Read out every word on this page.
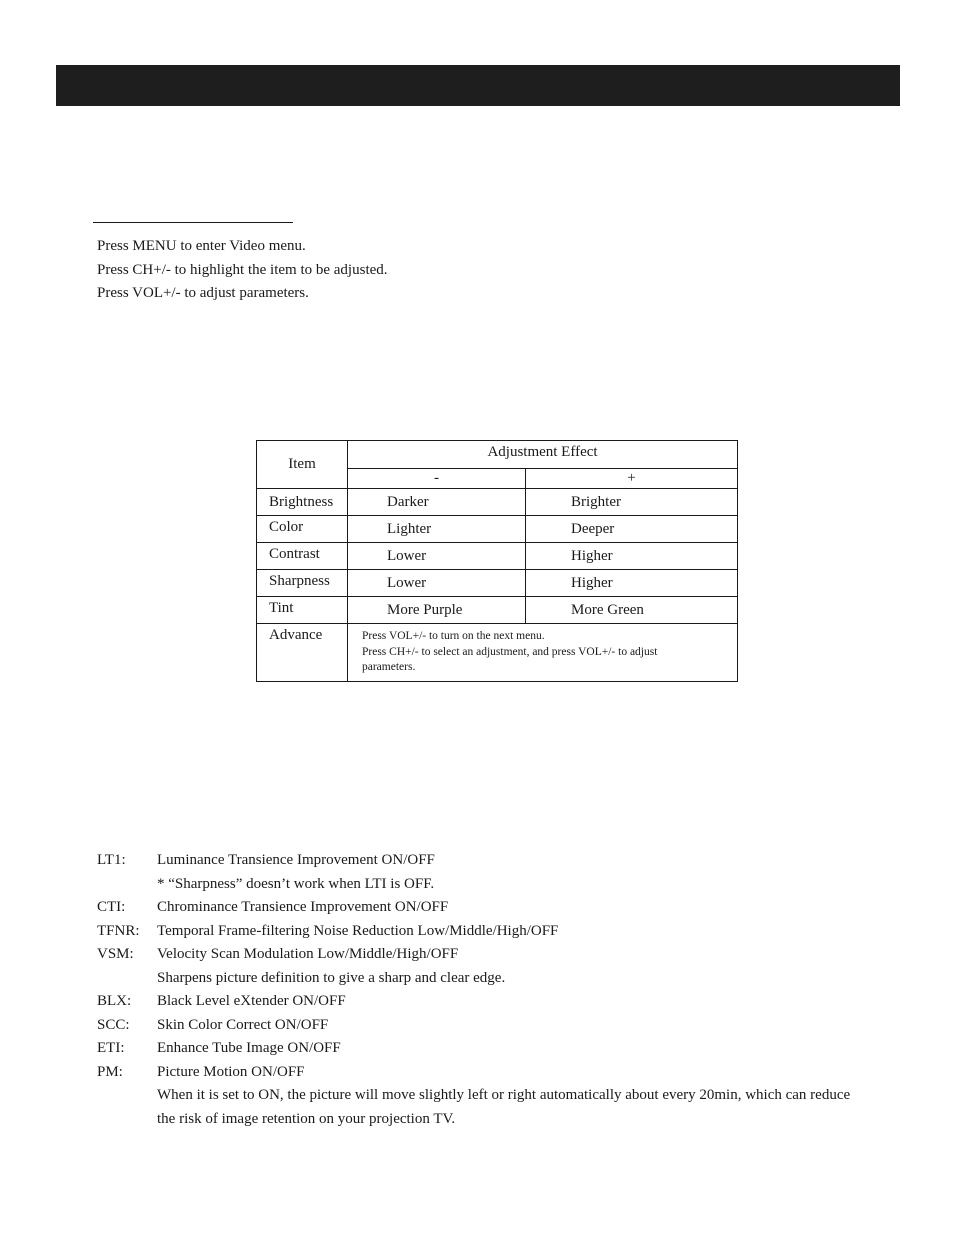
Press MENU to enter Video menu.
Press CH+/- to highlight the item to be adjusted.
Press VOL+/- to adjust parameters.
Item	Adjustment Effect	
	-	+
Brightness	Darker	Brighter
Color	Lighter	Deeper
Contrast	Lower	Higher
Sharpness	Lower	Higher
Tint	More Purple	More Green
Advance	Press VOL+/- to turn on the next menu.
Press CH+/- to select an adjustment, and press VOL+/- to adjust
parameters.	
LT1:	Luminance Transience Improvement ON/OFF
* “Sharpness” doesn’t work when LTI is OFF.
CTI:	Chrominance Transience Improvement ON/OFF
TFNR:	Temporal Frame-filtering Noise Reduction Low/Middle/High/OFF
VSM:	Velocity Scan Modulation Low/Middle/High/OFF
Sharpens picture definition to give a sharp and clear edge.
BLX:	Black Level eXtender ON/OFF
SCC:	Skin Color Correct ON/OFF
ETI:	Enhance Tube Image ON/OFF
PM:	Picture Motion ON/OFF
When it is set to ON, the picture will move slightly left or right automatically about every 20min, which can reduce the risk of image retention on your projection TV.
